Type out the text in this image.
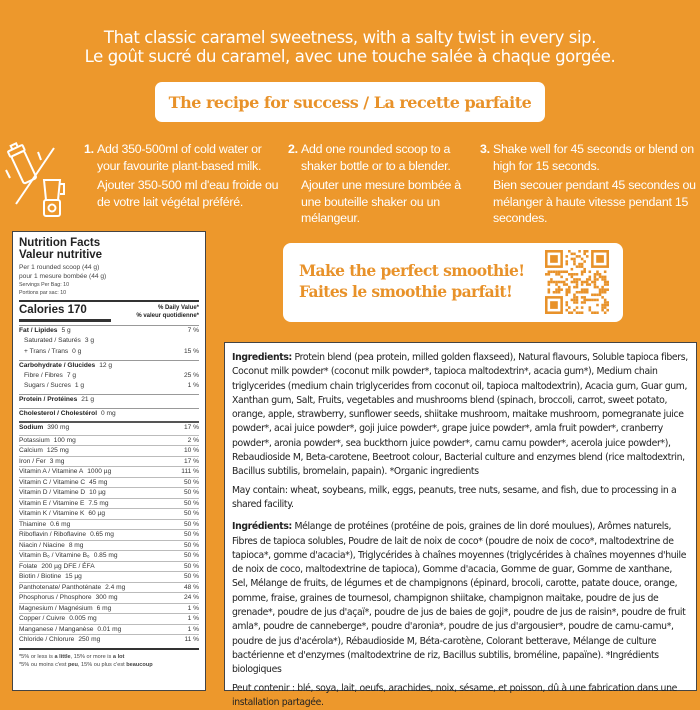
That classic caramel sweetness, with a salty twist in every sip.
Le goût sucré du caramel, avec une touche salée à chaque gorgée.
The recipe for success / La recette parfaite
1. Add 350-500ml of cold water or your favourite plant-based milk.

Ajouter 350-500 ml d'eau froide ou de votre lait végétal préféré.

2. Add one rounded scoop to a shaker bottle or to a blender.

Ajouter une mesure bombée à une bouteille shaker ou un mélangeur.

3. Shake well for 45 seconds or blend on high for 15 seconds.

Bien secouer pendant 45 secondes ou mélanger à haute vitesse pendant 15 secondes.

Nutrition Facts
Valeur nutritive
Per 1 rounded scoop (44 g)
pour 1 mesure bombée (44 g)
Servings Per Bag: 10
Portions par sac: 10
Calories 170	% Daily Value*
% valeur quotidienne*
Fat / Lipides 5 g	7 %
Saturated / Saturés 3 g
+ Trans / Trans 0 g	15 %
Carbohydrate / Glucides 12 g
Fibre / Fibres 7 g	25 %
Sugars / Sucres 1 g	1 %
Protein / Protéines 21 g
Cholesterol / Cholestérol 0 mg
Sodium 390 mg	17 %
Potassium 100 mg	2 %
Calcium 125 mg	10 %
Iron / Fer 3 mg	17 %
Vitamin A / Vitamine A 1000 µg	111 %
Vitamin C / Vitamine C 45 mg	50 %
Vitamin D / Vitamine D 10 µg	50 %
Vitamin E / Vitamine E 7.5 mg	50 %
Vitamin K / Vitamine K 60 µg	50 %
Thiamine 0.6 mg	50 %
Riboflavin / Riboflavine 0.65 mg	50 %
Niacin / Niacine 8 mg	50 %
Vitamin B₆ / Vitamine B₆ 0.85 mg	50 %
Folate 200 µg DFE / ÉFA	50 %
Biotin / Biotine 15 µg	50 %
Panthotenate/ Panthoténate 2.4 mg	48 %
Phosphorus / Phosphore 300 mg	24 %
Magnesium / Magnésium 6 mg	1 %
Copper / Cuivre 0.005 mg	1 %
Manganese / Manganèse 0.01 mg	1 %
Chloride / Chlorure 250 mg	11 %
*5% or less is a little, 15% or more is a lot
*5% ou moins c'est peu, 15% ou plus c'est beaucoup
Make the perfect smoothie!
Faites le smoothie parfait!

Ingredients: Protein blend (pea protein, milled golden flaxseed), Natural flavours, Soluble tapioca fibers, Coconut milk powder* (coconut milk powder*, tapioca maltodextrin*, acacia gum*), Medium chain triglycerides (medium chain triglycerides from coconut oil, tapioca maltodextrin), Acacia gum, Guar gum, Xanthan gum, Salt, Fruits, vegetables and mushrooms blend (spinach, broccoli, carrot, sweet potato, orange, apple, strawberry, sunflower seeds, shiitake mushroom, maitake mushroom, pomegranate juice powder*, acai juice powder*, goji juice powder*, grape juice powder*, amla fruit powder*, cranberry powder*, aronia powder*, sea buckthorn juice powder*, camu camu powder*, acerola juice powder*), Rebaudioside M, Beta-carotene, Beetroot colour, Bacterial culture and enzymes blend (rice maltodextrin, Bacillus subtilis, bromelain, papain). *Organic ingredients

May contain: wheat, soybeans, milk, eggs, peanuts, tree nuts, sesame, and fish, due to processing in a shared facility.

Ingrédients: Mélange de protéines (protéine de pois, graines de lin doré moulues), Arômes naturels, Fibres de tapioca solubles, Poudre de lait de noix de coco* (poudre de noix de coco*, maltodextrine de tapioca*, gomme d'acacia*), Triglycérides à chaînes moyennes (triglycérides à chaînes moyennes d'huile de noix de coco, maltodextrine de tapioca), Gomme d'acacia, Gomme de guar, Gomme de xanthane, Sel, Mélange de fruits, de légumes et de champignons (épinard, brocoli, carotte, patate douce, orange, pomme, fraise, graines de tournesol, champignon shiitake, champignon maitake, poudre de jus de grenade*, poudre de jus d'açaï*, poudre de jus de baies de goji*, poudre de jus de raisin*, poudre de fruit amla*, poudre de canneberge*, poudre d'aronia*, poudre de jus d'argousier*, poudre de camu-camu*, poudre de jus d'acérola*), Rébaudioside M, Béta-carotène, Colorant betterave, Mélange de culture bactérienne et d'enzymes (maltodextrine de riz, Bacillus subtilis, broméline, papaïne). *Ingrédients biologiques

Peut contenir : blé, soya, lait, oeufs, arachides, noix, sésame, et poisson, dû à une fabrication dans une installation partagée.
